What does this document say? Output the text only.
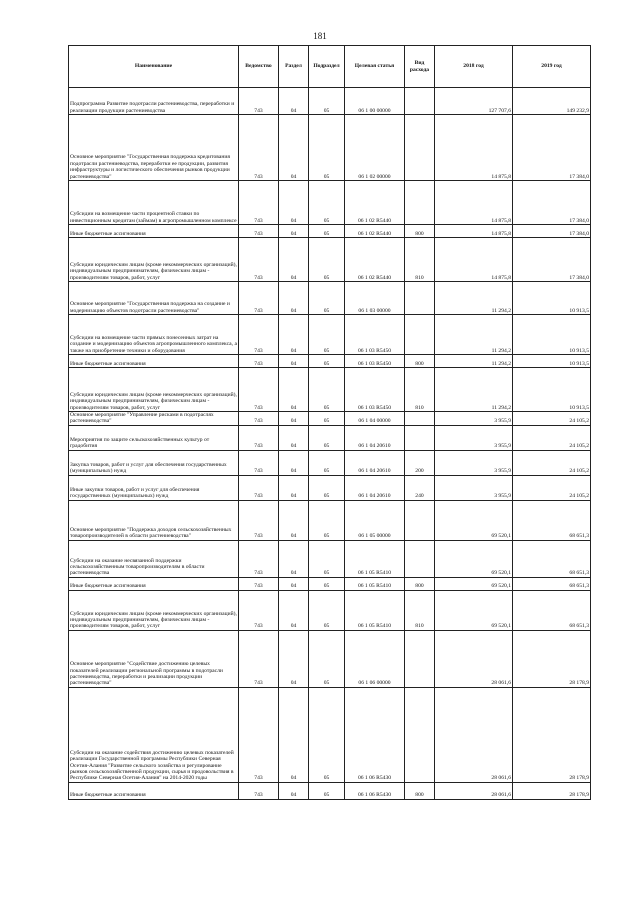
181
Наименование	Ведомство	Раздел	Подраздел	Целевая статья	Вид расхода	2018 год	2019 год
Подпрограмма Развитие подотрасли растениеводства, переработки и реализации продукции растениеводства	743	04	05	06 1 00 00000		127 707,6	149 232,9
Основное мероприятие "Государственная поддержка кредитования подотрасли растениеводства, переработки ее продукции, развития инфраструктуры и логистического обеспечения рынков продукции растениеводства"	743	04	05	06 1 02 00000		14 875,8	17 384,0
Субсидии на возмещение части процентной ставки по инвестиционным кредитам (займам) в агропромышленном комплексе	743	04	05	06 1 02 R5440		14 875,8	17 384,0
Иные бюджетные ассигнования	743	04	05	06 1 02 R5440	800	14 875,8	17 384,0
Субсидии юридическим лицам (кроме некоммерческих организаций), индивидуальным предпринимателям, физическим лицам - производителям товаров, работ, услуг	743	04	05	06 1 02 R5440	810	14 875,8	17 384,0
Основное мероприятие "Государственная поддержка на создание и модернизацию объектов подотрасли растениеводства"	743	04	05	06 1 03 00000		11 294,2	10 913,5
Субсидии на возмещение части прямых понесенных затрат на создание и модернизацию объектов агропромышленного комплекса, а также на приобретение техники и оборудования	743	04	05	06 1 03 R5450		11 294,2	10 913,5
Иные бюджетные ассигнования	743	04	05	06 1 03 R5450	800	11 294,2	10 913,5
Субсидии юридическим лицам (кроме некоммерческих организаций), индивидуальным предпринимателям, физическим лицам - производителям товаров, работ, услуг	743	04	05	06 1 03 R5450	810	11 294,2	10 913,5
Основное мероприятие "Управление рисками в подотраслях растениеводства"	743	04	05	06 1 04 00000		3 955,9	24 105,2
Мероприятия по защите сельскохозяйственных культур от градобития	743	04	05	06 1 04 20610		3 955,9	24 105,2
Закупка товаров, работ и услуг для обеспечения государственных (муниципальных) нужд	743	04	05	06 1 04 20610	200	3 955,9	24 105,2
Иные закупки товаров, работ и услуг для обеспечения государственных (муниципальных) нужд	743	04	05	06 1 04 20610	240	3 955,9	24 105,2
Основное мероприятие "Поддержка доходов сельскохозяйственных товаропроизводителей в области растениеводства"	743	04	05	06 1 05 00000		69 520,1	68 651,3
Субсидии на оказание несвязанной поддержки сельскохозяйственным товаропроизводителям в области растениеводства	743	04	05	06 1 05 R5410		69 520,1	68 651,3
Иные бюджетные ассигнования	743	04	05	06 1 05 R5410	800	69 520,1	68 651,3
Субсидии юридическим лицам (кроме некоммерческих организаций), индивидуальным предпринимателям, физическим лицам - производителям товаров, работ, услуг	743	04	05	06 1 05 R5410	810	69 520,1	68 651,3
Основное мероприятие "Содействие достижению целевых показателей реализации региональной программы в подотрасли растениеводства, переработки и реализации продукции растениеводства"	743	04	05	06 1 06 00000		28 061,6	28 178,9
Субсидии на оказание содействия достижению целевых показателей реализации Государственной программы Республики Северная Осетия-Алания "Развитие сельского хозяйства и регулирование рынков сельскохозяйственной продукции, сырья и продовольствия в Республике Северная Осетия-Алания" на 2014-2020 годы	743	04	05	06 1 06 R5430		28 061,6	28 178,9
Иные бюджетные ассигнования	743	04	05	06 1 06 R5430	800	28 061,6	28 178,9
